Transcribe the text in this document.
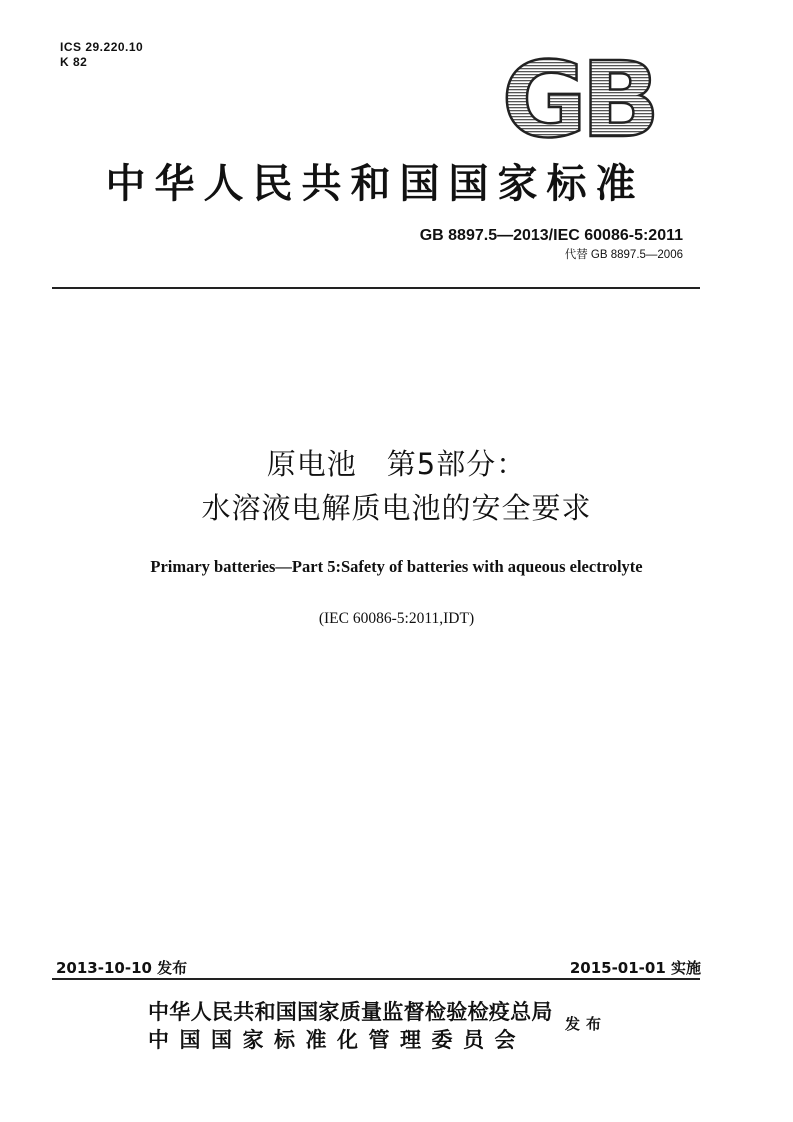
ICS 29.220.10
K 82	GB
中华人民共和国国家标准
GB 8897.5—2013/IEC 60086-5:2011
代替 GB 8897.5—2006
原电池　第5部分：
水溶液电解质电池的安全要求
Primary batteries—Part 5:Safety of batteries with aqueous electrolyte
(IEC 60086-5:2011,IDT)
2013-10-10 发布	2015-01-01 实施
中华人民共和国国家质量监督检验检疫总局
中国国家标准化管理委员会
发布
